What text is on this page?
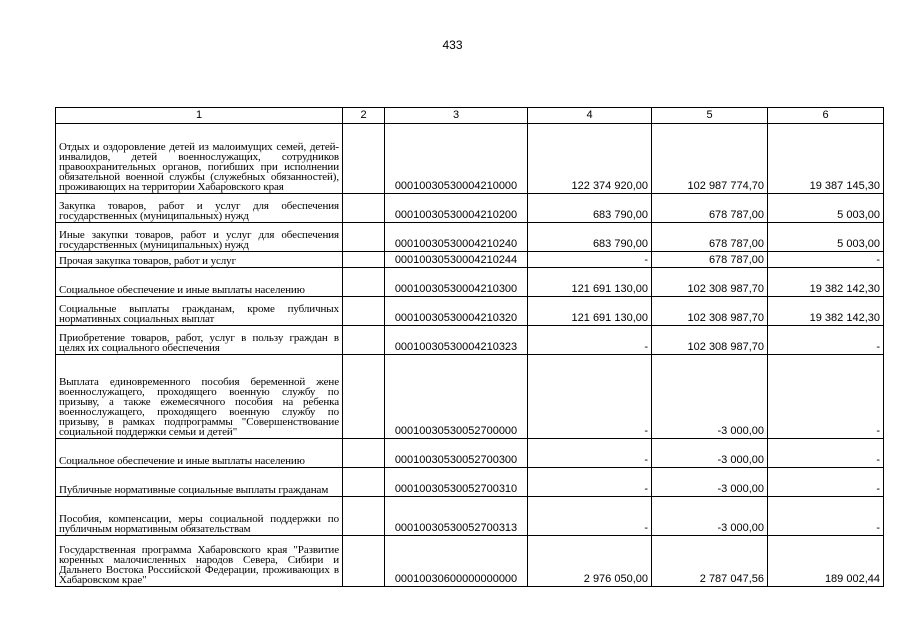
433
1	2	3	4	5	6
Отдых и оздоровление детей из малоимущих семей, детей-инвалидов, детей военнослужащих, сотрудников правоохранительных органов, погибших при исполнении обязательной военной службы (служебных обязанностей), проживающих на территории Хабаровского края		00010030530004210000	122 374 920,00	102 987 774,70	19 387 145,30
Закупка товаров, работ и услуг для обеспечения государственных (муниципальных) нужд		00010030530004210200	683 790,00	678 787,00	5 003,00
Иные закупки товаров, работ и услуг для обеспечения государственных (муниципальных) нужд		00010030530004210240	683 790,00	678 787,00	5 003,00
Прочая закупка товаров, работ и услуг		00010030530004210244	-	678 787,00	-
Социальное обеспечение и иные выплаты населению		00010030530004210300	121 691 130,00	102 308 987,70	19 382 142,30
Социальные выплаты гражданам, кроме публичных нормативных социальных выплат		00010030530004210320	121 691 130,00	102 308 987,70	19 382 142,30
Приобретение товаров, работ, услуг в пользу граждан в целях их социального обеспечения		00010030530004210323	-	102 308 987,70	-
Выплата единовременного пособия беременной жене военнослужащего, проходящего военную службу по призыву, а также ежемесячного пособия на ребенка военнослужащего, проходящего военную службу по призыву, в рамках подпрограммы "Совершенствование социальной поддержки семьи и детей"		00010030530052700000	-	-3 000,00	-
Социальное обеспечение и иные выплаты населению		00010030530052700300	-	-3 000,00	-
Публичные нормативные социальные выплаты гражданам		00010030530052700310	-	-3 000,00	-
Пособия, компенсации, меры социальной поддержки по публичным нормативным обязательствам		00010030530052700313	-	-3 000,00	-
Государственная программа Хабаровского края "Развитие коренных малочисленных народов Севера, Сибири и Дальнего Востока Российской Федерации, проживающих в Хабаровском крае"		00010030600000000000	2 976 050,00	2 787 047,56	189 002,44
